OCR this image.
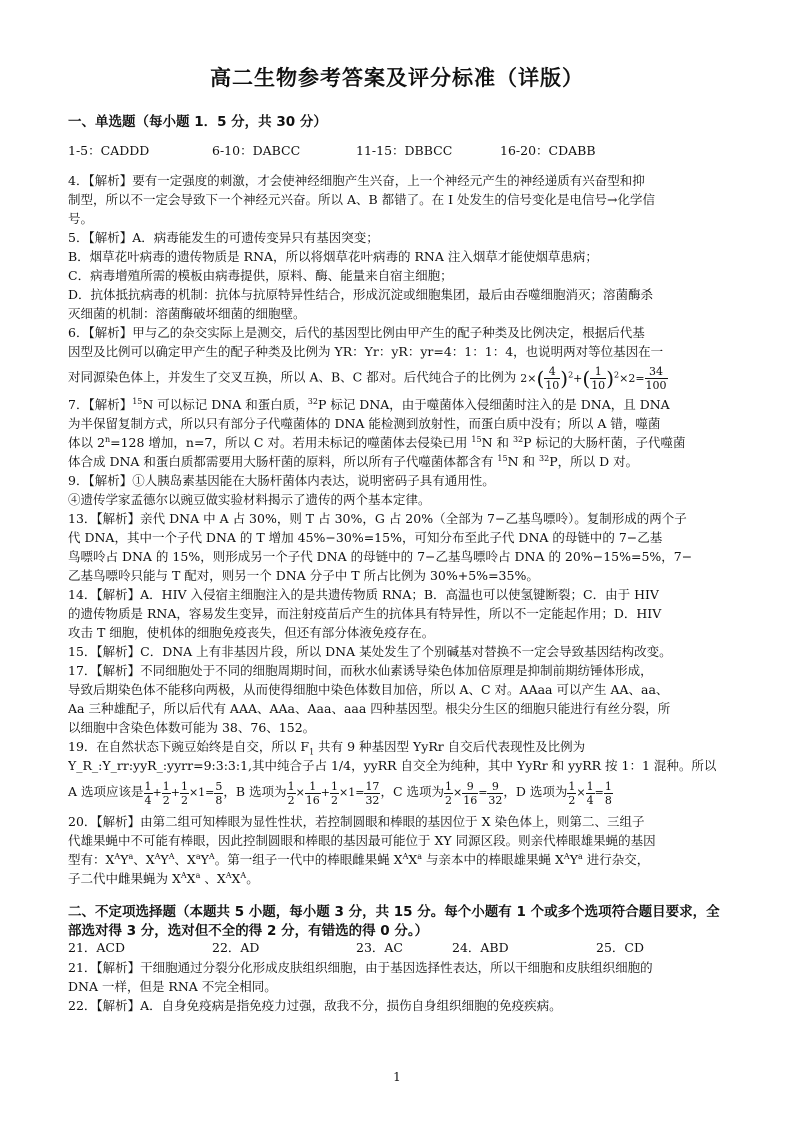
高二生物参考答案及评分标准（详版）
一、单选题（每小题 1．5 分，共 30 分）
1-5：CADDD	6-10：DABCC	11-15：DBBCC	16-20：CDABB
4．【解析】要有一定强度的刺激，才会使神经细胞产生兴奋，上一个神经元产生的神经递质有兴奋型和抑
制型，所以不一定会导致下一个神经元兴奋。所以 A、B 都错了。在 I 处发生的信号变化是电信号→化学信
号。
5．【解析】A．病毒能发生的可遗传变异只有基因突变；
B．烟草花叶病毒的遗传物质是 RNA，所以将烟草花叶病毒的 RNA 注入烟草才能使烟草患病；
C．病毒增殖所需的模板由病毒提供，原料、酶、能量来自宿主细胞；
D．抗体抵抗病毒的机制：抗体与抗原特异性结合，形成沉淀或细胞集团，最后由吞噬细胞消灭；溶菌酶杀
灭细菌的机制：溶菌酶破坏细菌的细胞壁。
6．【解析】甲与乙的杂交实际上是测交，后代的基因型比例由甲产生的配子种类及比例决定，根据后代基
因型及比例可以确定甲产生的配子种类及比例为 YR：Yr：yR：yr=4：1：1：4，也说明两对等位基因在一
对同源染色体上，并发生了交叉互换，所以 A、B、C 都对。后代纯合子的比例为 $2\times( \frac{4}{10} )^2+( \frac{1}{10} )^2\times 2= \frac{34}{100}$
7．【解析】$^{15}$N 可以标记 DNA 和蛋白质，$^{32}$P 标记 DNA，由于噬菌体入侵细菌时注入的是 DNA，且 DNA
为半保留复制方式，所以只有部分子代噬菌体的 DNA 能检测到放射性，而蛋白质中没有；所以 A 错，噬菌
体以 $2^n=128$ 增加，n=7，所以 C 对。若用未标记的噬菌体去侵染已用 $^{15}$N 和 $^{32}$P 标记的大肠杆菌，子代噬菌
体合成 DNA 和蛋白质都需要用大肠杆菌的原料，所以所有子代噬菌体都含有 $^{15}$N 和 $^{32}$P，所以 D 对。
9．【解析】①人胰岛素基因能在大肠杆菌体内表达，说明密码子具有通用性。
④遗传学家孟德尔以豌豆做实验材料揭示了遗传的两个基本定律。
13．【解析】亲代 DNA 中 A 占 30%，则 T 占 30%，G 占 20%（全部为 7−乙基鸟嘌呤）。复制形成的两个子
代 DNA，其中一个子代 DNA 的 T 增加 45%−30%=15%，可知分布至此子代 DNA 的母链中的 7−乙基
鸟嘌呤占 DNA 的 15%，则形成另一个子代 DNA 的母链中的 7−乙基鸟嘌呤占 DNA 的 20%−15%=5%，7−
乙基鸟嘌呤只能与 T 配对，则另一个 DNA 分子中 T 所占比例为 30%+5%=35%。
14．【解析】A．HIV 入侵宿主细胞注入的是共遗传物质 RNA；B．高温也可以使氢键断裂；C．由于 HIV
的遗传物质是 RNA，容易发生变异，而注射疫苗后产生的抗体具有特异性，所以不一定能起作用；D．HIV
攻击 T 细胞，使机体的细胞免疫丧失，但还有部分体液免疫存在。
15．【解析】C．DNA 上有非基因片段，所以 DNA 某处发生了个别碱基对替换不一定会导致基因结构改变。
17．【解析】不同细胞处于不同的细胞周期时间，而秋水仙素诱导染色体加倍原理是抑制前期纺锤体形成，
导致后期染色体不能移向两极，从而使得细胞中染色体数目加倍，所以 A、C 对。AAaa 可以产生 AA、aa、
Aa 三种雄配子，所以后代有 AAA、AAa、Aaa、aaa 四种基因型。根尖分生区的细胞只能进行有丝分裂，所
以细胞中含染色体数可能为 38、76、152。
19．在自然状态下豌豆始终是自交，所以 $F_1$ 共有 9 种基因型 YyRr 自交后代表现性及比例为
Y_R_:Y_rr:yyR_:yyrr=9:3:3:1,其中纯合子占 1/4，yyRR 自交全为纯种，其中 YyRr 和 yyRR 按 1：1 混种。所以
A 选项应该是 $\frac{1}{4} + \frac{1}{2} + \frac{1}{2} \times 1= \frac{5}{8}$ ，B 选项为 $\frac{1}{2} \times \frac{1}{16} + \frac{1}{2} \times 1= \frac{17}{32}$ ，C 选项为 $\frac{1}{2} \times \frac{9}{16} = \frac{9}{32}$ ，D 选项为 $\frac{1}{2} \times \frac{1}{4} = \frac{1}{8}$
20．【解析】由第二组可知棒眼为显性性状，若控制圆眼和棒眼的基因位于 X 染色体上，则第二、三组子
代雄果蝇中不可能有棒眼，因此控制圆眼和棒眼的基因最可能位于 XY 同源区段。则亲代棒眼雄果蝇的基因
型有：$X^AY^a$、$X^AY^A$、$X^aY^A$。第一组子一代中的棒眼雌果蝇 $X^AX^a$ 与亲本中的棒眼雄果蝇 $X^AY^a$ 进行杂交，
子二代中雌果蝇为 $X^AX^a$ 、$X^AX^A$。
二、不定项选择题（本题共 5 小题，每小题 3 分，共 15 分。每个小题有 1 个或多个选项符合题目要求，全
部选对得 3 分，选对但不全的得 2 分，有错选的得 0 分。）
21．ACD	22．AD	23．AC	24．ABD	25．CD
21．【解析】干细胞通过分裂分化形成皮肤组织细胞，由于基因选择性表达，所以干细胞和皮肤组织细胞的
DNA 一样，但是 RNA 不完全相同。
22．【解析】A．自身免疫病是指免疫力过强，敌我不分，损伤自身组织细胞的免疫疾病。
1
